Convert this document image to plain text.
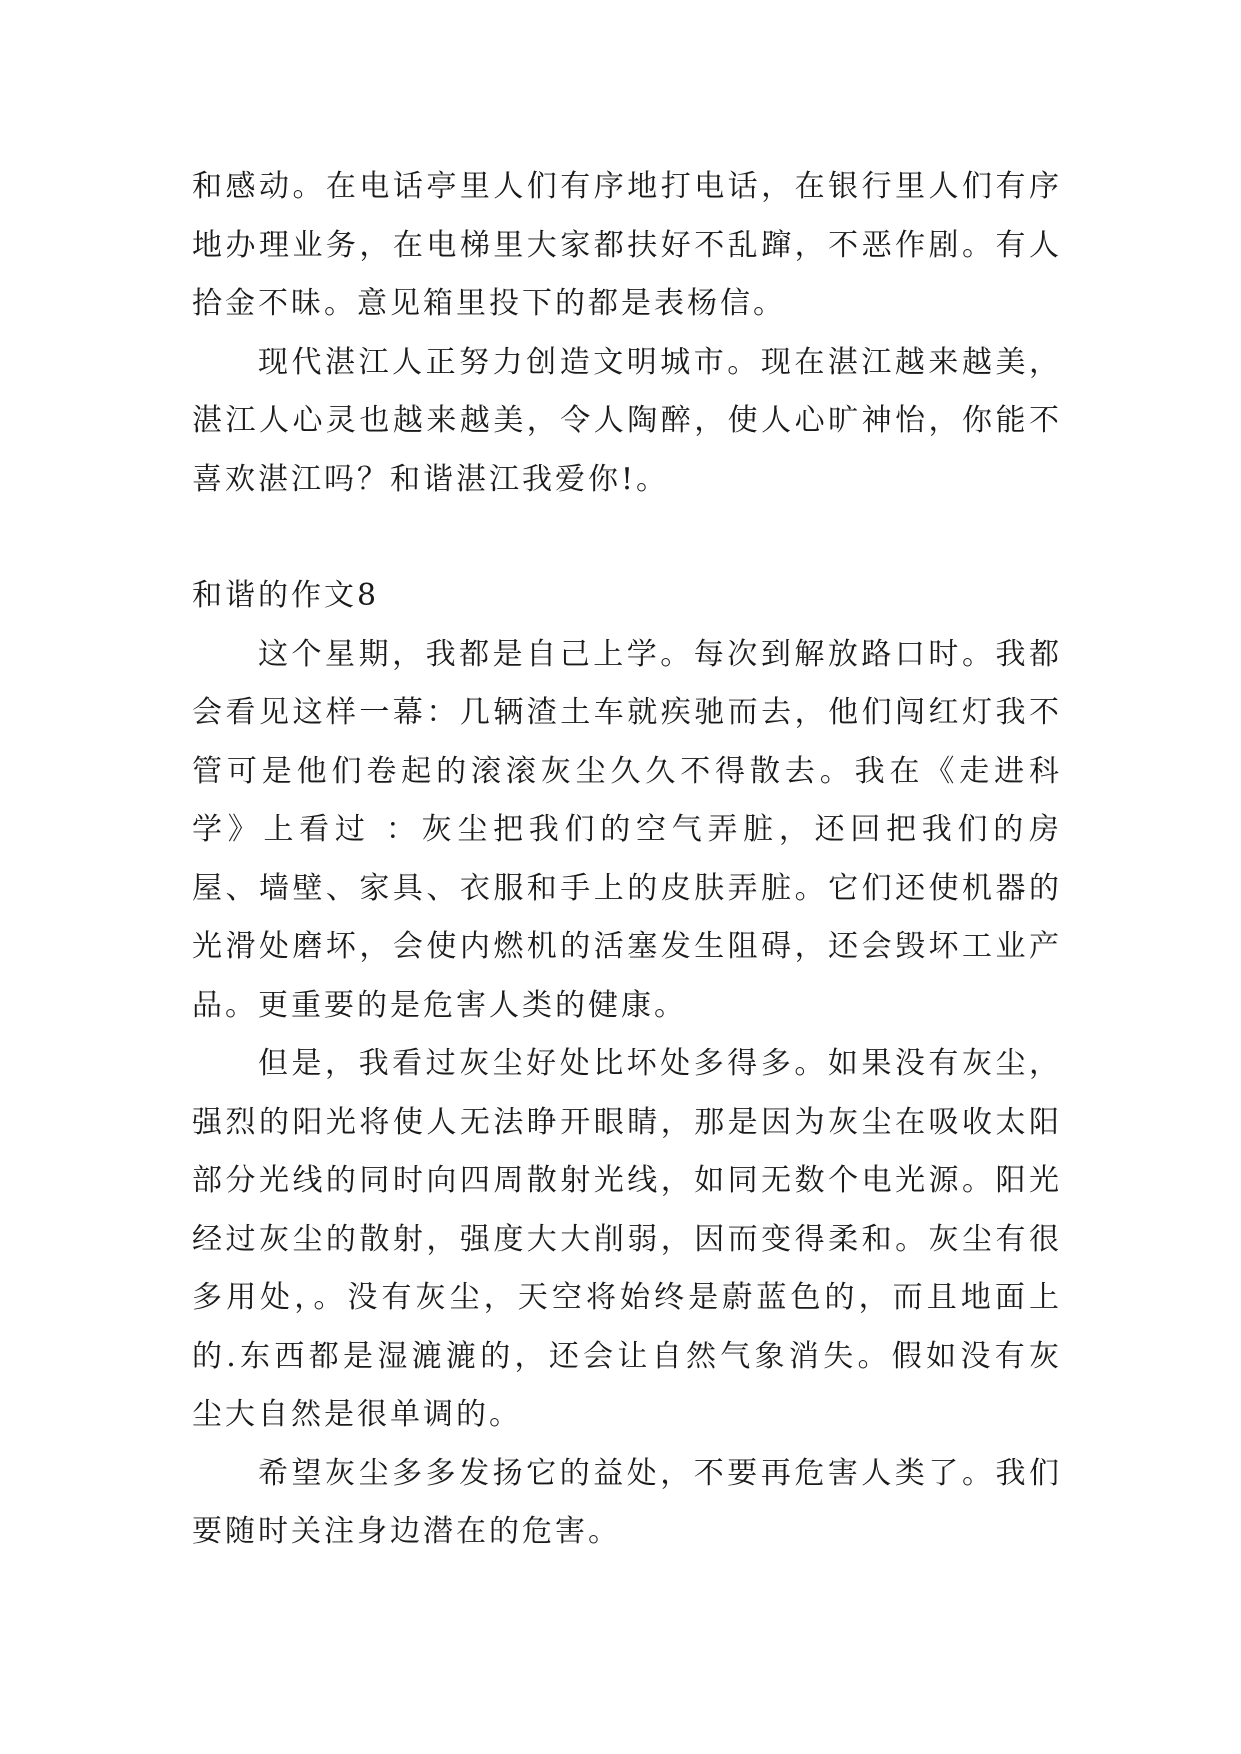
和感动。在电话亭里人们有序地打电话，在银行里人们有序地办理业务，在电梯里大家都扶好不乱蹿，不恶作剧。有人拾金不昧。意见箱里投下的都是表杨信。

现代湛江人正努力创造文明城市。现在湛江越来越美，湛江人心灵也越来越美，令人陶醉，使人心旷神怡，你能不喜欢湛江吗？和谐湛江我爱你!。

和谐的作文8

这个星期，我都是自己上学。每次到解放路口时。我都会看见这样一幕：几辆渣土车就疾驰而去，他们闯红灯我不管可是他们卷起的滚滚灰尘久久不得散去。我在《走进科学》上看过 ：灰尘把我们的空气弄脏，还回把我们的房屋、墙壁、家具、衣服和手上的皮肤弄脏。它们还使机器的光滑处磨坏，会使内燃机的活塞发生阻碍，还会毁坏工业产品。更重要的是危害人类的健康。

但是，我看过灰尘好处比坏处多得多。如果没有灰尘，强烈的阳光将使人无法睁开眼睛，那是因为灰尘在吸收太阳部分光线的同时向四周散射光线，如同无数个电光源。阳光经过灰尘的散射，强度大大削弱，因而变得柔和。灰尘有很多用处，。没有灰尘，天空将始终是蔚蓝色的，而且地面上的.东西都是湿漉漉的，还会让自然气象消失。假如没有灰尘大自然是很单调的。

希望灰尘多多发扬它的益处，不要再危害人类了。我们要随时关注身边潜在的危害。
